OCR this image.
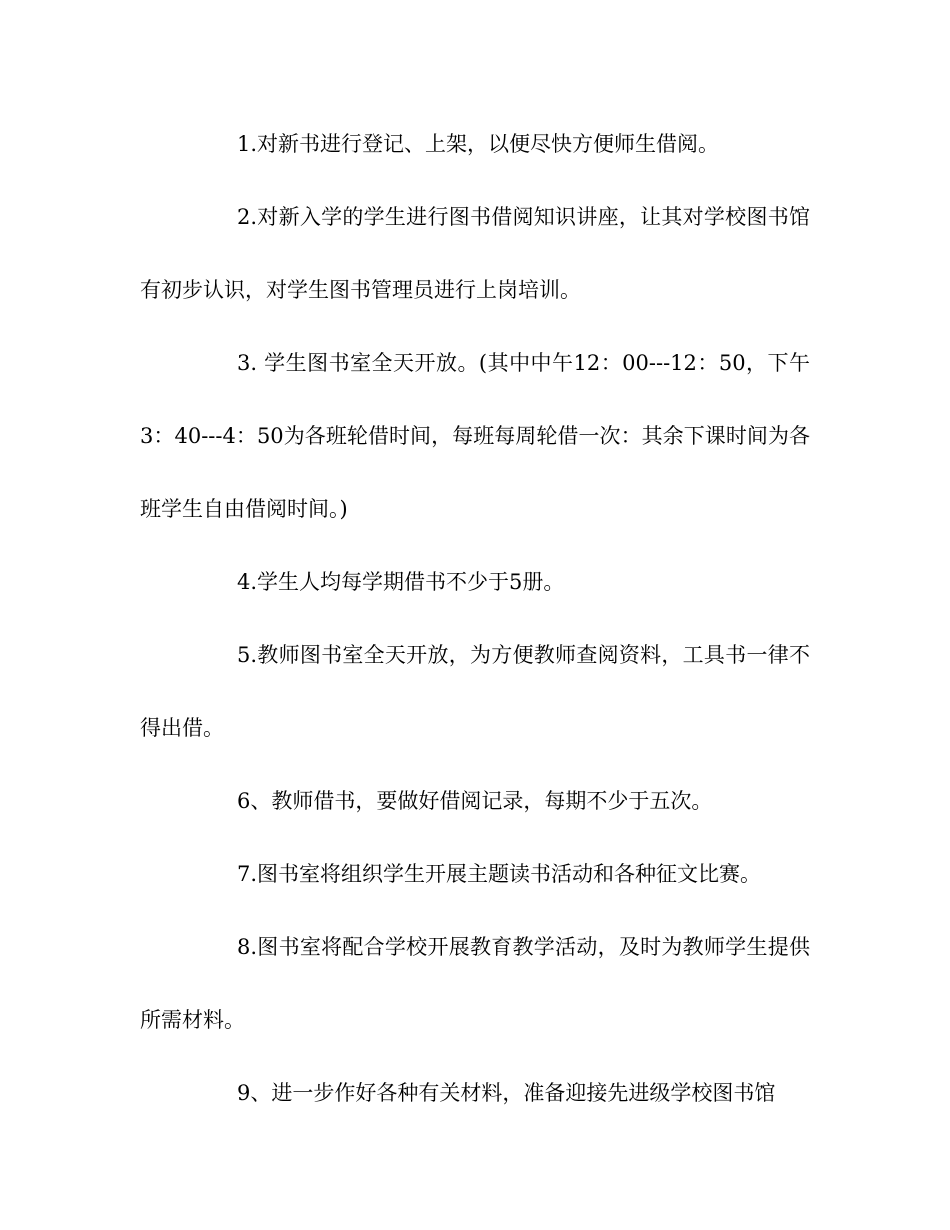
1.对新书进行登记、上架，以便尽快方便师生借阅。

2.对新入学的学生进行图书借阅知识讲座，让其对学校图书馆有初步认识，对学生图书管理员进行上岗培训。

3. 学生图书室全天开放。(其中中午12：00---12：50，下午3：40---4：50为各班轮借时间，每班每周轮借一次：其余下课时间为各班学生自由借阅时间。)

4.学生人均每学期借书不少于5册。

5.教师图书室全天开放，为方便教师查阅资料，工具书一律不得出借。

6、教师借书，要做好借阅记录，每期不少于五次。

7.图书室将组织学生开展主题读书活动和各种征文比赛。

8.图书室将配合学校开展教育教学活动，及时为教师学生提供所需材料。

9、进一步作好各种有关材料，准备迎接先进级学校图书馆
